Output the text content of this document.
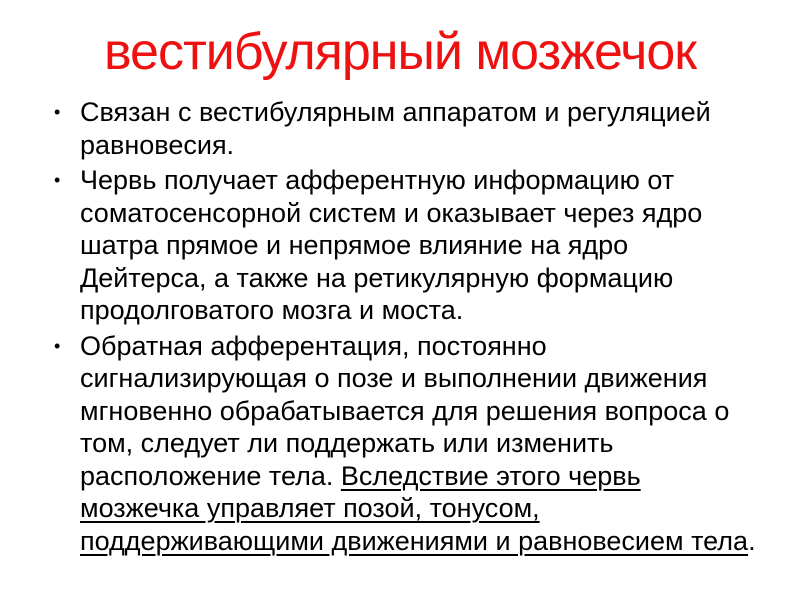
вестибулярный мозжечок
• Связан с вестибулярным аппаратом и регуляцией равновесия.
• Червь получает афферентную информацию от соматосенсорной систем и оказывает через ядро шатра прямое и непрямое влияние на ядро Дейтерса, а также на ретикулярную формацию продолговатого мозга и моста.
• Обратная афферентация, постоянно сигнализирующая о позе и выполнении движения мгновенно обрабатывается для решения вопроса о том, следует ли поддержать или изменить расположение тела. Вследствие этого червь мозжечка управляет позой, тонусом, поддерживающими движениями и равновесием тела.
